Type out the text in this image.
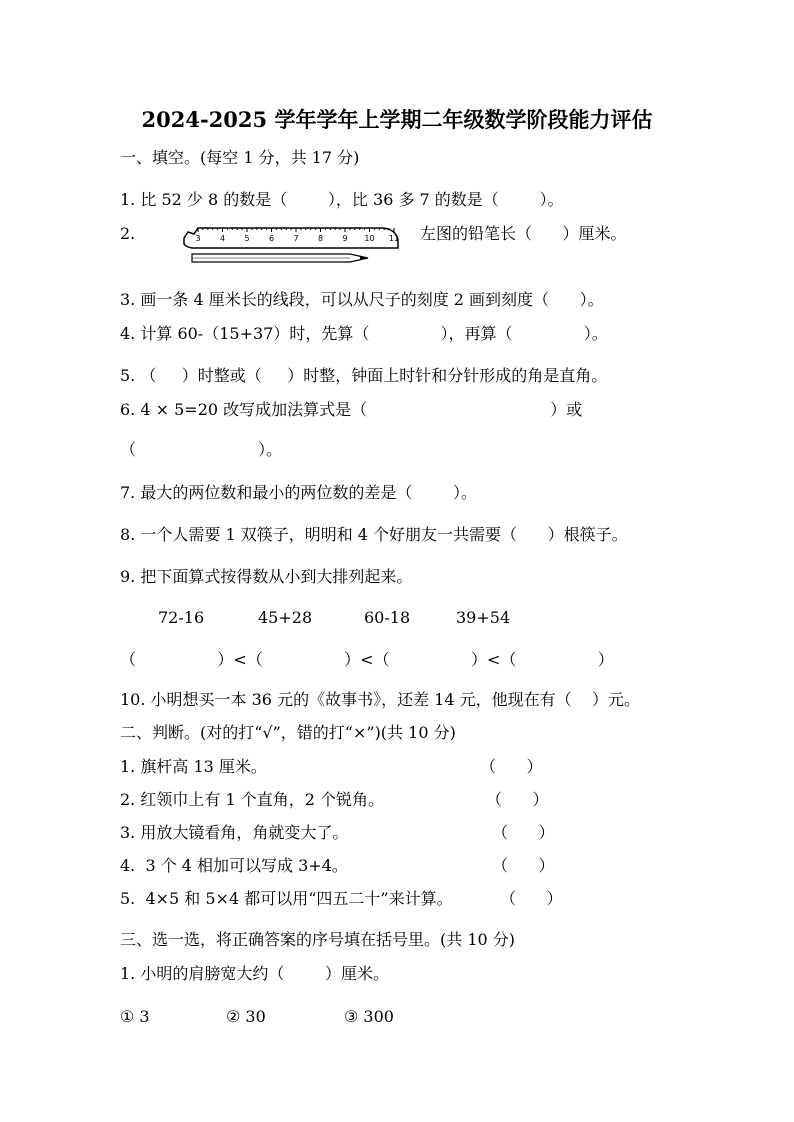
2024-2025 学年学年上学期二年级数学阶段能力评估
一、填空。(每空 1 分，共 17 分)
1. 比 52 少 8 的数是（        ），比 36 多 7 的数是（        ）。
2.	3 4 5 6 7 8 9 10 11 左图的铅笔长（      ）厘米。
3. 画一条 4 厘米长的线段，可以从尺子的刻度 2 画到刻度（      ）。
4. 计算 60-（15+37）时，先算（              ），再算（              ）。
5. （     ）时整或（     ）时整，钟面上时针和分针形成的角是直角。
6. 4 × 5=20 改写成加法算式是（                                    ）或
（                        ）。
7. 最大的两位数和最小的两位数的差是（        ）。
8. 一个人需要 1 双筷子，明明和 4 个好朋友一共需要（      ）根筷子。
9. 把下面算式按得数从小到大排列起来。
72-16	45+28	60-18	39+54
（                ）<（                ）<（                ）<（                ）
10. 小明想买一本 36 元的《故事书》，还差 14 元，他现在有（    ）元。
二、判断。(对的打“√”，错的打“×”)(共 10 分)
1. 旗杆高 13 厘米。	（      ）
2. 红领巾上有 1 个直角，2 个锐角。	（      ）
3. 用放大镜看角，角就变大了。	（      ）
4.  3 个 4 相加可以写成 3+4。	（      ）
5.  4×5 和 5×4 都可以用“四五二十”来计算。	（      ）
三、选一选，将正确答案的序号填在括号里。(共 10 分)
1. 小明的肩膀宽大约（        ）厘米。
① 3	② 30	③ 300
